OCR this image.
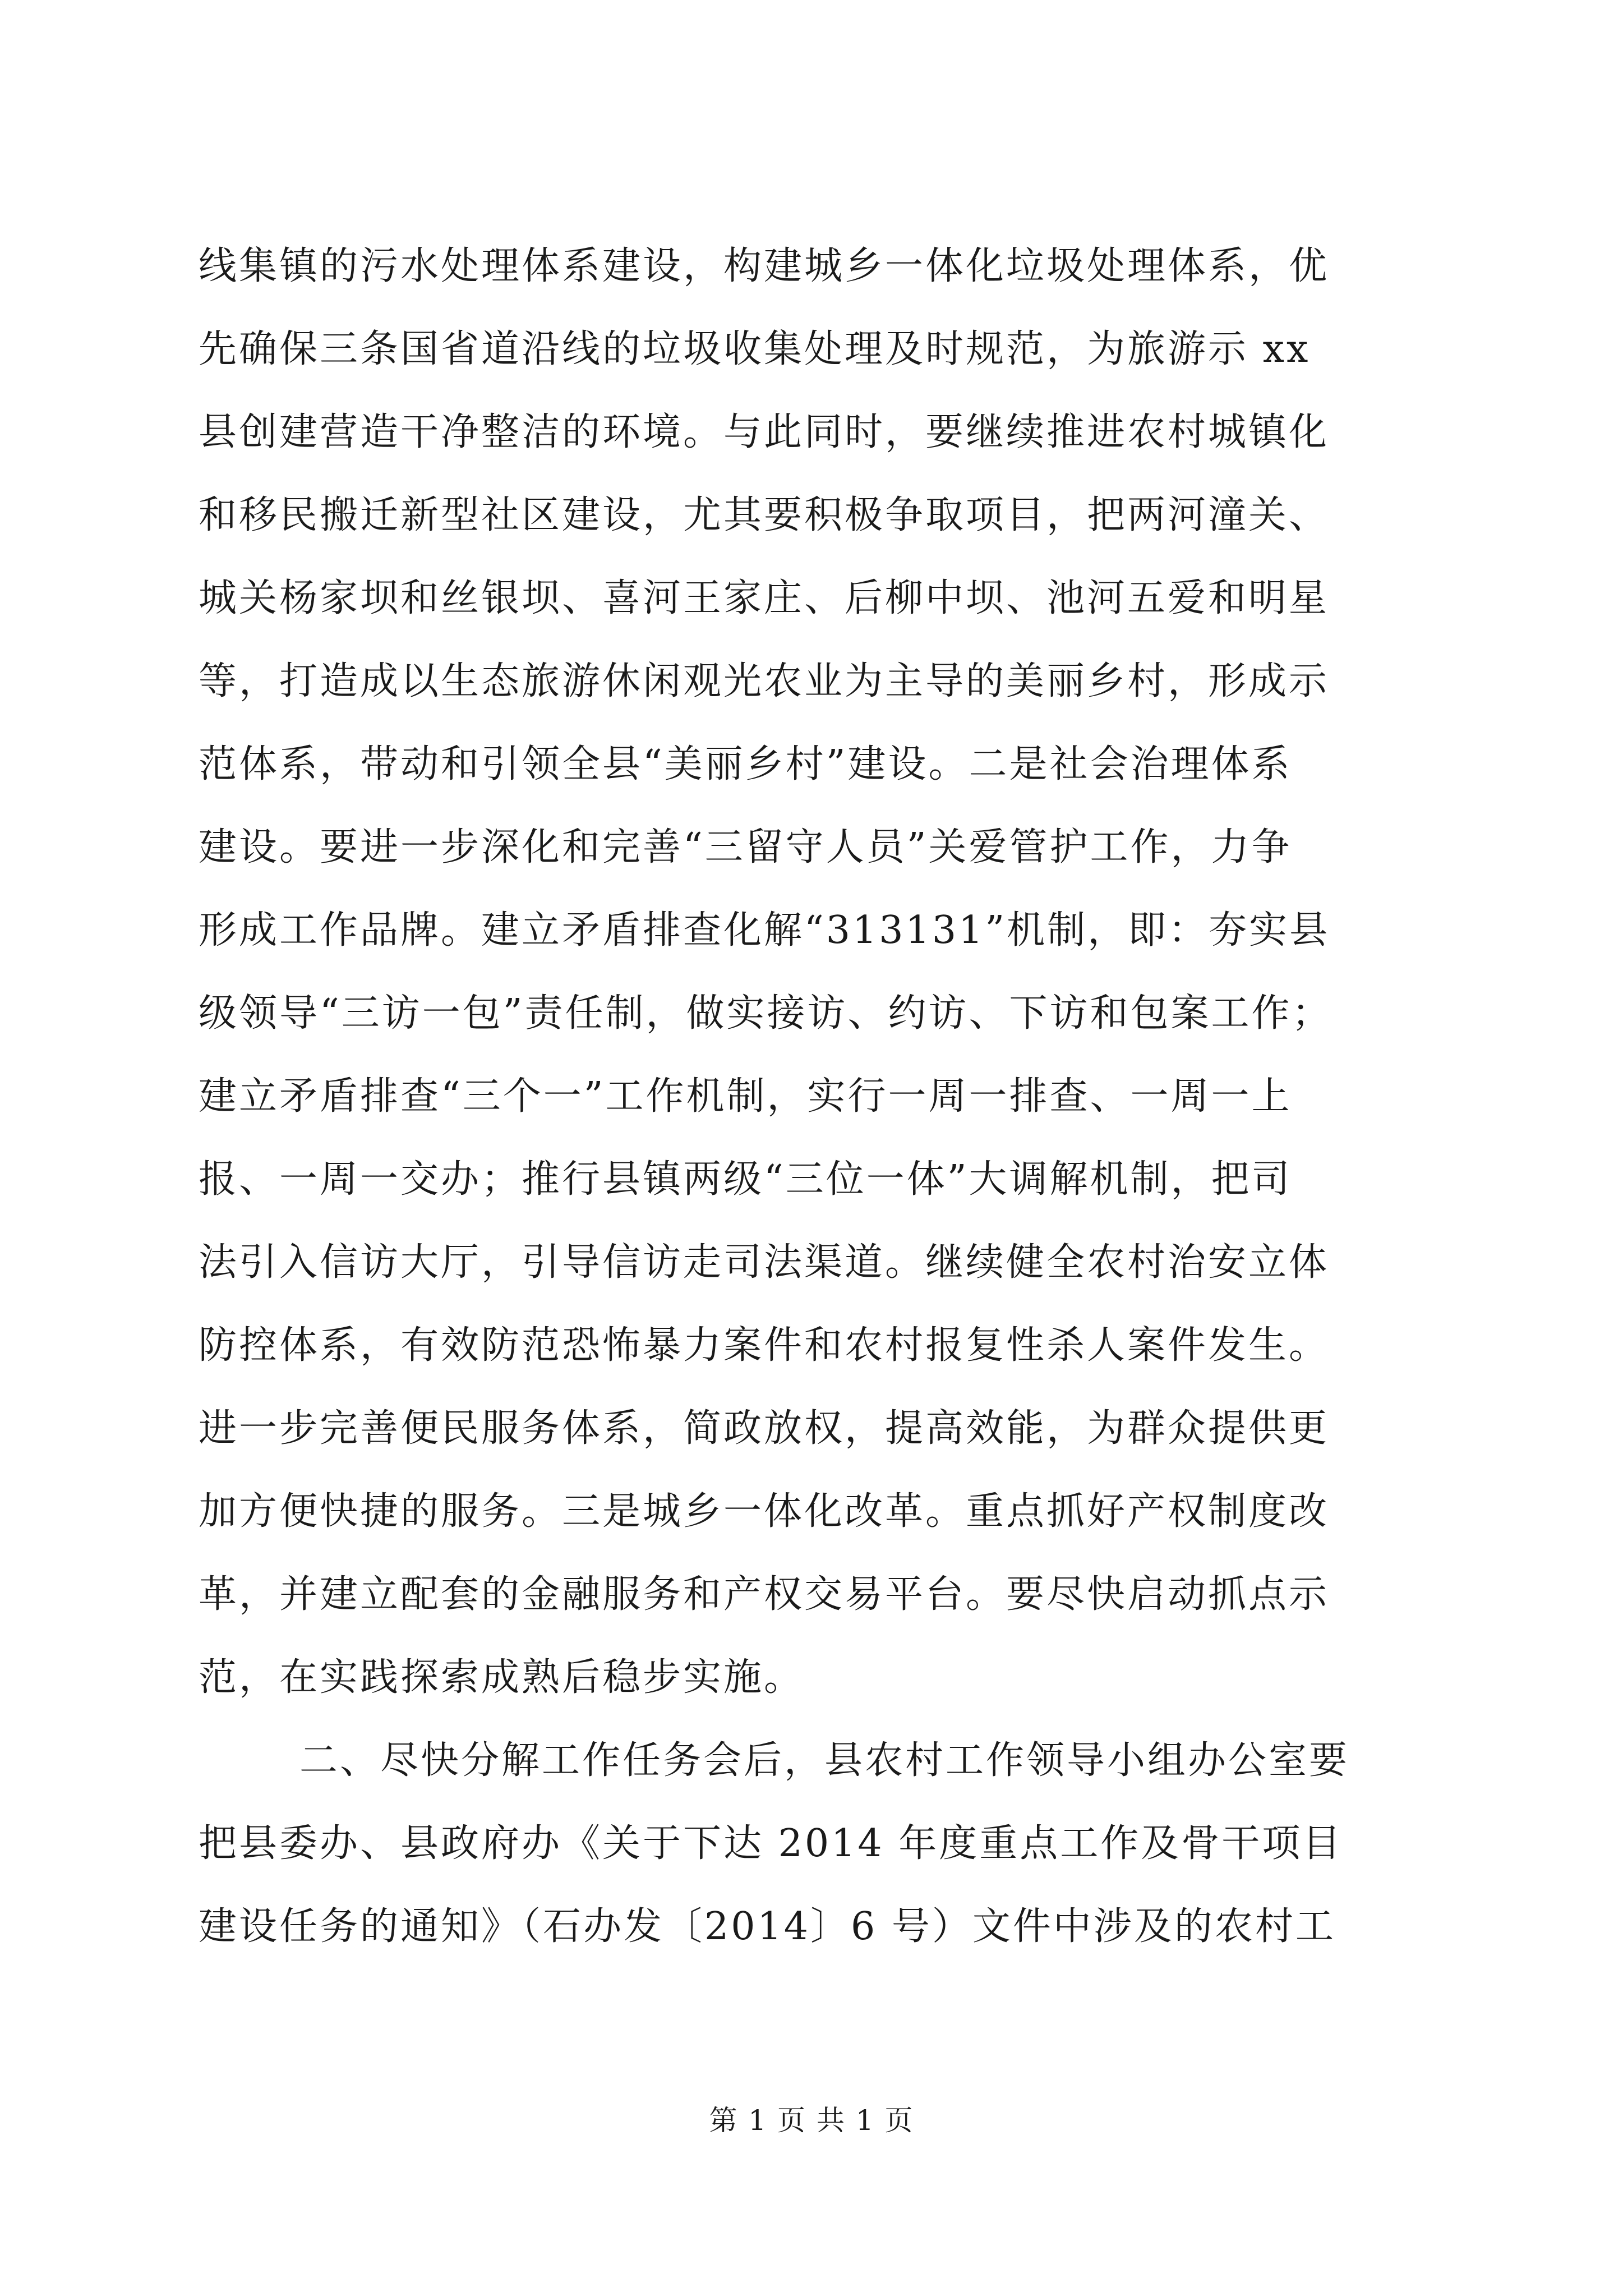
线集镇的污水处理体系建设，构建城乡一体化垃圾处理体系，优
先确保三条国省道沿线的垃圾收集处理及时规范，为旅游示 xx
县创建营造干净整洁的环境。与此同时，要继续推进农村城镇化
和移民搬迁新型社区建设，尤其要积极争取项目，把两河潼关、
城关杨家坝和丝银坝、喜河王家庄、后柳中坝、池河五爱和明星
等，打造成以生态旅游休闲观光农业为主导的美丽乡村，形成示
范体系，带动和引领全县“美丽乡村”建设。二是社会治理体系
建设。要进一步深化和完善“三留守人员”关爱管护工作，力争
形成工作品牌。建立矛盾排查化解“313131”机制，即：夯实县
级领导“三访一包”责任制，做实接访、约访、下访和包案工作；
建立矛盾排查“三个一”工作机制，实行一周一排查、一周一上
报、一周一交办；推行县镇两级“三位一体”大调解机制，把司
法引入信访大厅，引导信访走司法渠道。继续健全农村治安立体
防控体系，有效防范恐怖暴力案件和农村报复性杀人案件发生。
进一步完善便民服务体系，简政放权，提高效能，为群众提供更
加方便快捷的服务。三是城乡一体化改革。重点抓好产权制度改
革，并建立配套的金融服务和产权交易平台。要尽快启动抓点示
范，在实践探索成熟后稳步实施。
二、尽快分解工作任务会后，县农村工作领导小组办公室要
把县委办、县政府办《关于下达 2014 年度重点工作及骨干项目
建设任务的通知》（石办发〔2014〕6 号）文件中涉及的农村工
第 1 页 共 1 页
